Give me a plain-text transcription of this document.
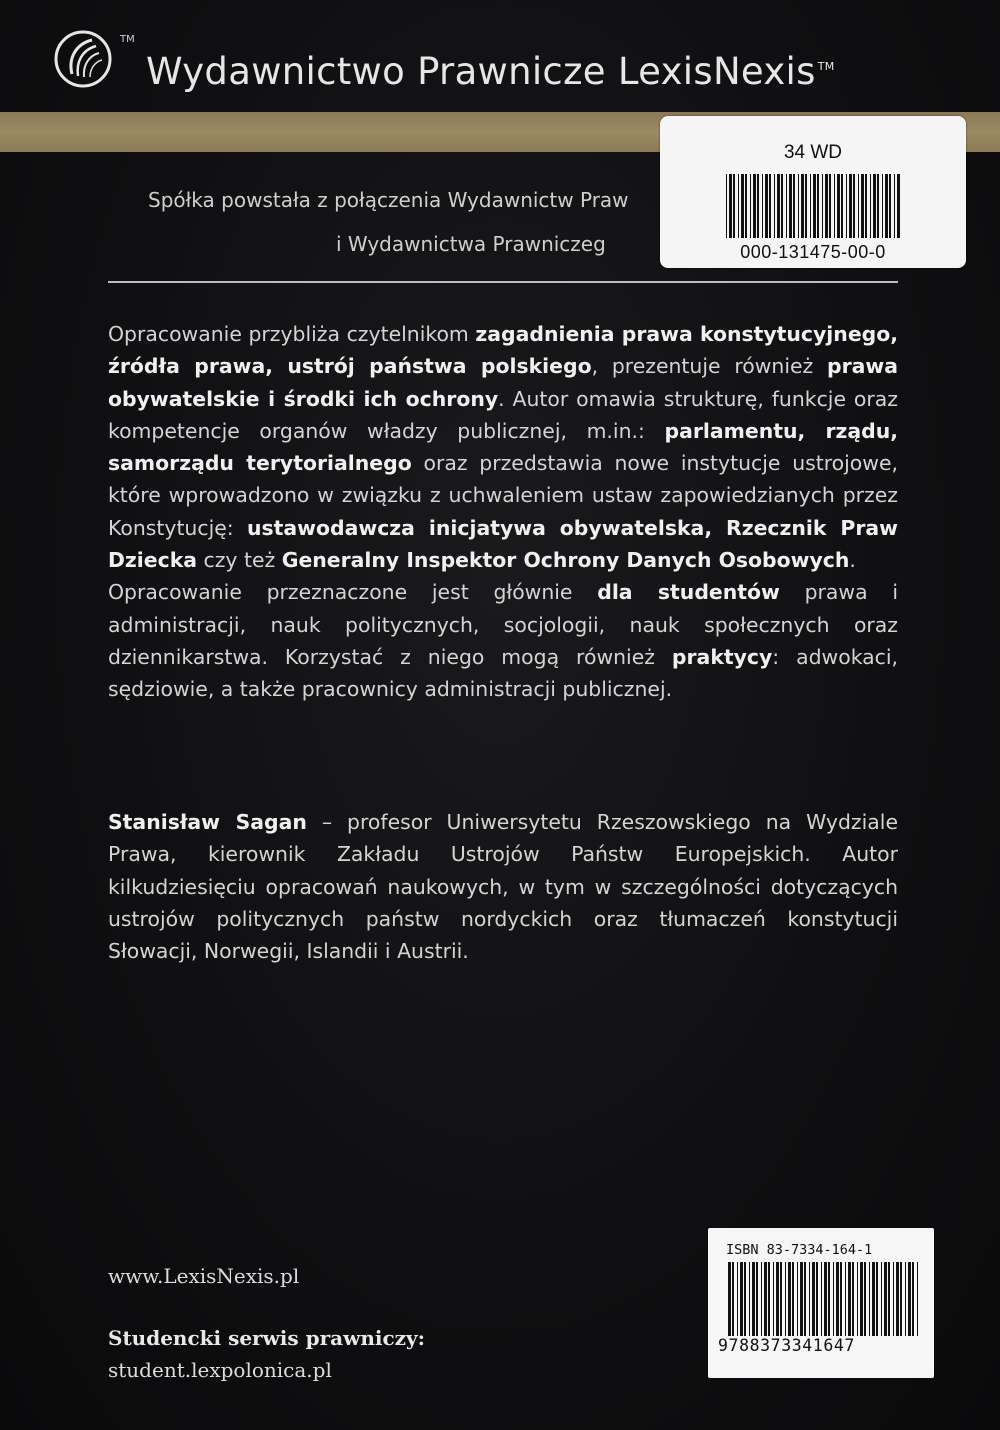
TM
Wydawnictwo Prawnicze LexisNexis ™
Spółka powstała z połączenia Wydawnictw Praw
i Wydawnictwa Prawniczeg
34 WD
000-131475-00-0

Opracowanie przybliża czytelnikom zagadnienia prawa konstytucyjnego, źródła prawa, ustrój państwa polskiego, prezentuje również prawa obywatelskie i środki ich ochrony. Autor omawia strukturę, funkcje oraz kompetencje organów władzy publicznej, m.in.: parlamentu, rządu, samorządu terytorialnego oraz przedstawia nowe instytucje ustrojowe, które wprowadzono w związku z uchwaleniem ustaw zapowiedzianych przez Konstytucję: ustawodawcza inicjatywa obywatelska, Rzecznik Praw Dziecka czy też Generalny Inspektor Ochrony Danych Osobowych.
Opracowanie przeznaczone jest głównie dla studentów prawa i administracji, nauk politycznych, socjologii, nauk społecznych oraz dziennikarstwa. Korzystać z niego mogą również praktycy: adwokaci, sędziowie, a także pracownicy administracji publicznej.

Stanisław Sagan – profesor Uniwersytetu Rzeszowskiego na Wydziale Prawa, kierownik Zakładu Ustrojów Państw Europejskich. Autor kilkudziesięciu opracowań naukowych, w tym w szczególności dotyczących ustrojów politycznych państw nordyckich oraz tłumaczeń konstytucji Słowacji, Norwegii, Islandii i Austrii.

www.LexisNexis.pl
Studencki serwis prawniczy:
student.lexpolonica.pl
ISBN 83-7334-164-1
9788373341647
